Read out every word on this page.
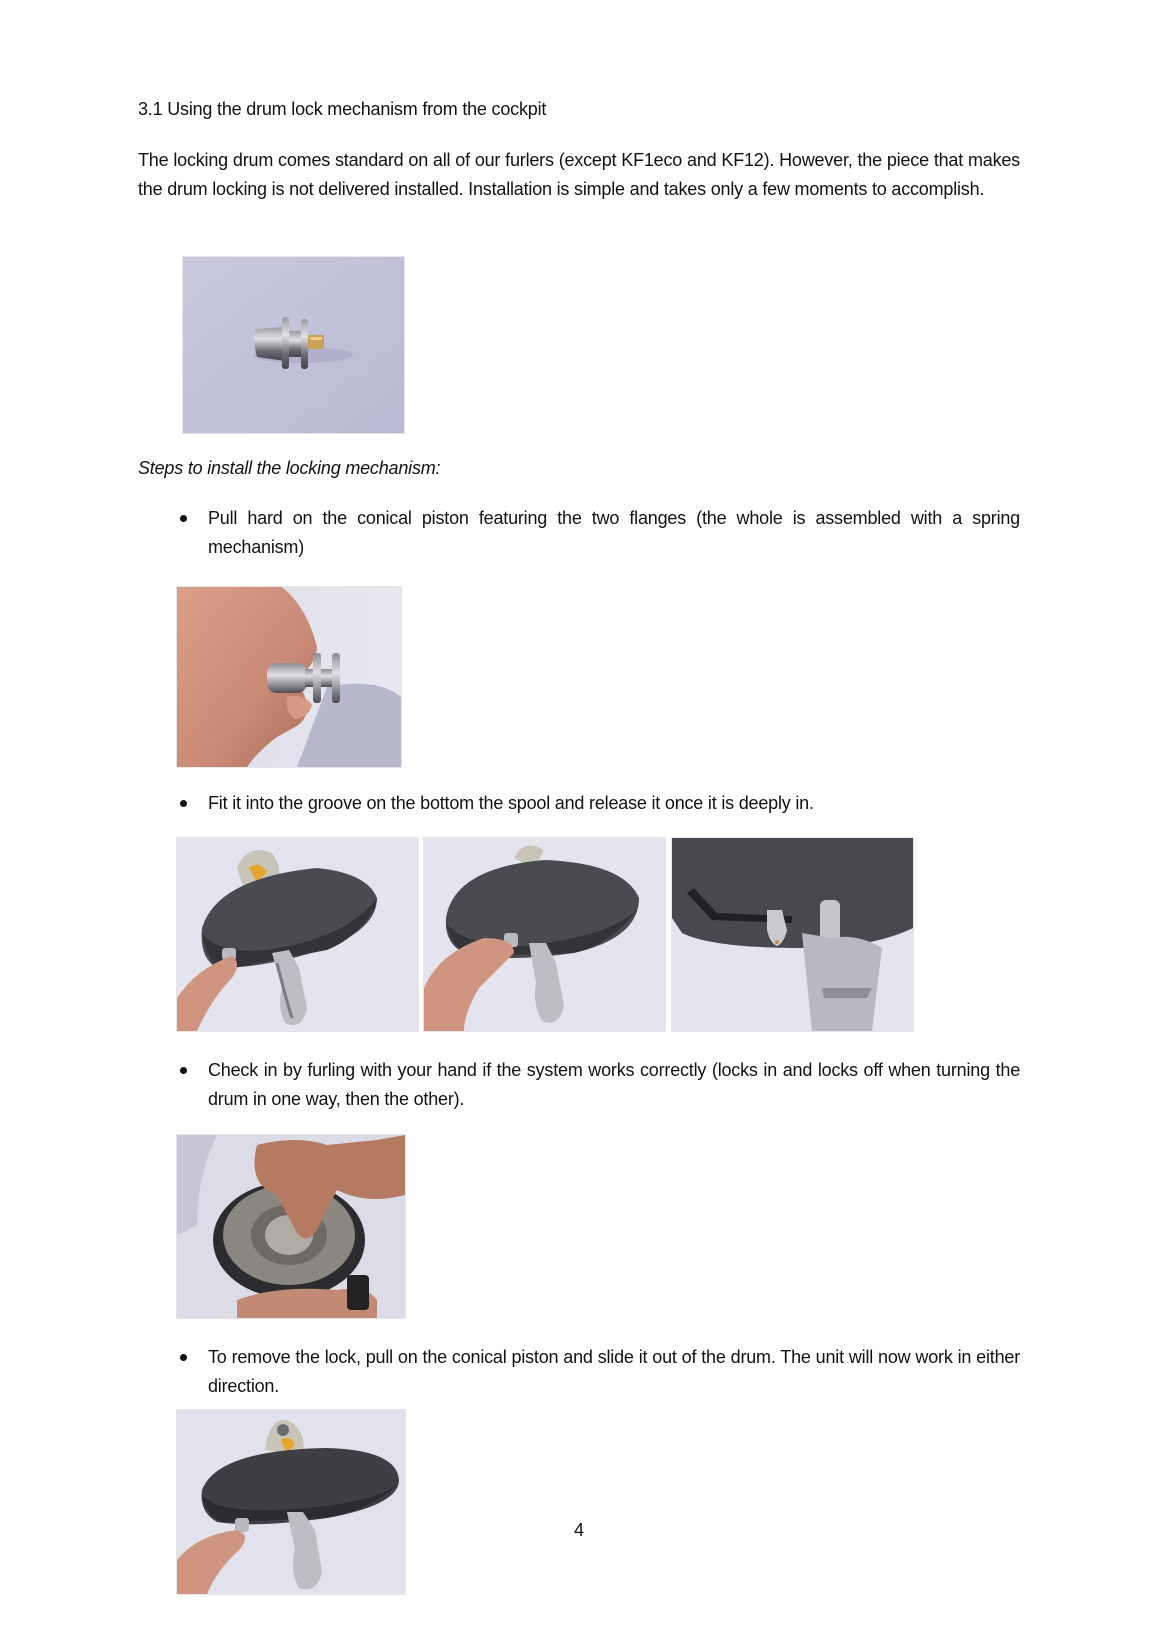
3.1 Using the drum lock mechanism from the cockpit
The locking drum comes standard on all of our furlers (except KF1eco and KF12). However, the piece that makes the drum locking is not delivered installed. Installation is simple and takes only a few moments to accomplish.
Steps to install the locking mechanism:
Pull hard on the conical piston featuring the two flanges (the whole is assembled with a spring mechanism)
Fit it into the groove on the bottom the spool and release it once it is deeply in.
Check in by furling with your hand if the system works correctly (locks in and locks off when turning the drum in one way, then the other).
To remove the lock, pull on the conical piston and slide it out of the drum. The unit will now work in either direction.
4
